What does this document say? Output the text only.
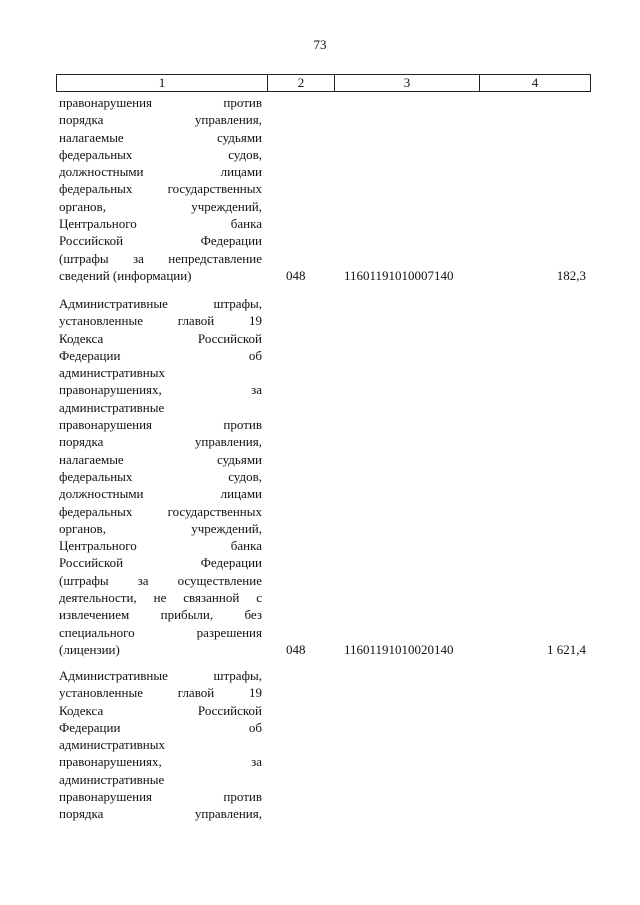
73
1	2	3	4
правонарушения против
порядка управления,
налагаемые судьями
федеральных судов,
должностными лицами
федеральных государственных
органов, учреждений,
Центрального банка
Российской Федерации
(штрафы за непредставление
сведений (информации)	048	11601191010007140	182,3
Административные штрафы,
установленные главой 19
Кодекса Российской
Федерации об
административных
правонарушениях, за
административные
правонарушения против
порядка управления,
налагаемые судьями
федеральных судов,
должностными лицами
федеральных государственных
органов, учреждений,
Центрального банка
Российской Федерации
(штрафы за осуществление
деятельности, не связанной с
извлечением прибыли, без
специального разрешения
(лицензии)	048	11601191010020140	1 621,4
Административные штрафы,
установленные главой 19
Кодекса Российской
Федерации об
административных
правонарушениях, за
административные
правонарушения против
порядка управления,
